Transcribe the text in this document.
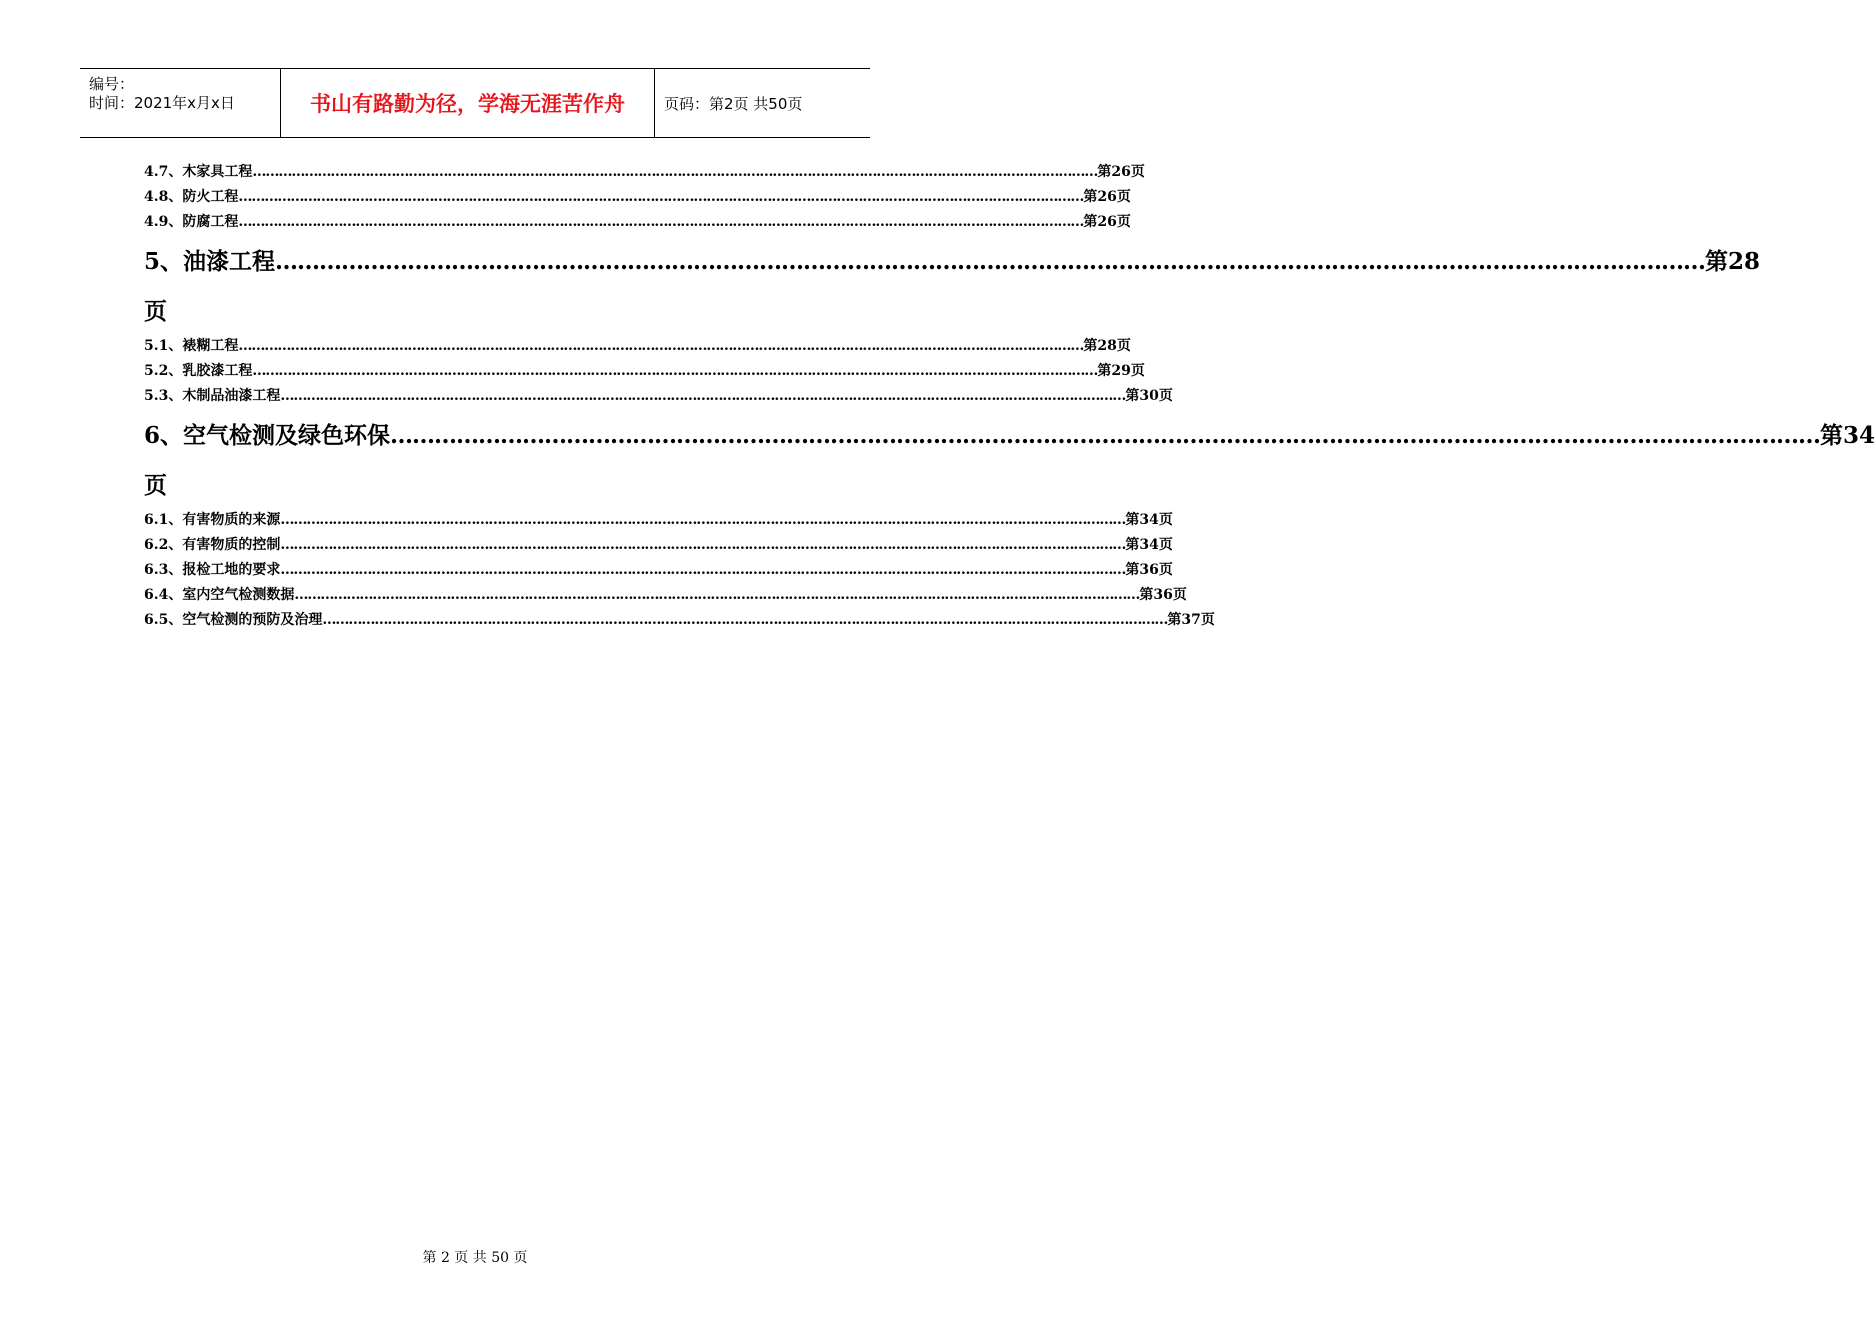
编号：
时间：2021年x月x日	书山有路勤为径，学海无涯苦作舟	页码：第2页 共50页
4.7、木家具工程 …………………………………………………………………………………………………………………………………………………………………………… 第26页
4.8、防火工程 …………………………………………………………………………………………………………………………………………………………………………… 第26页
4.9、防腐工程 …………………………………………………………………………………………………………………………………………………………………………… 第26页
5、油漆工程 …………………………………………………………………………………………………………………………………………………………………………… 第28
页
5.1、裱糊工程 …………………………………………………………………………………………………………………………………………………………………………… 第28页
5.2、乳胶漆工程 …………………………………………………………………………………………………………………………………………………………………………… 第29页
5.3、木制品油漆工程 …………………………………………………………………………………………………………………………………………………………………………… 第30页
6、空气检测及绿色环保 …………………………………………………………………………………………………………………………………………………………………………… 第34
页
6.1、有害物质的来源 …………………………………………………………………………………………………………………………………………………………………………… 第34页
6.2、有害物质的控制 …………………………………………………………………………………………………………………………………………………………………………… 第34页
6.3、报检工地的要求 …………………………………………………………………………………………………………………………………………………………………………… 第36页
6.4、室内空气检测数据 …………………………………………………………………………………………………………………………………………………………………………… 第36页
6.5、空气检测的预防及治理 …………………………………………………………………………………………………………………………………………………………………………… 第37页
第 2 页 共 50 页
